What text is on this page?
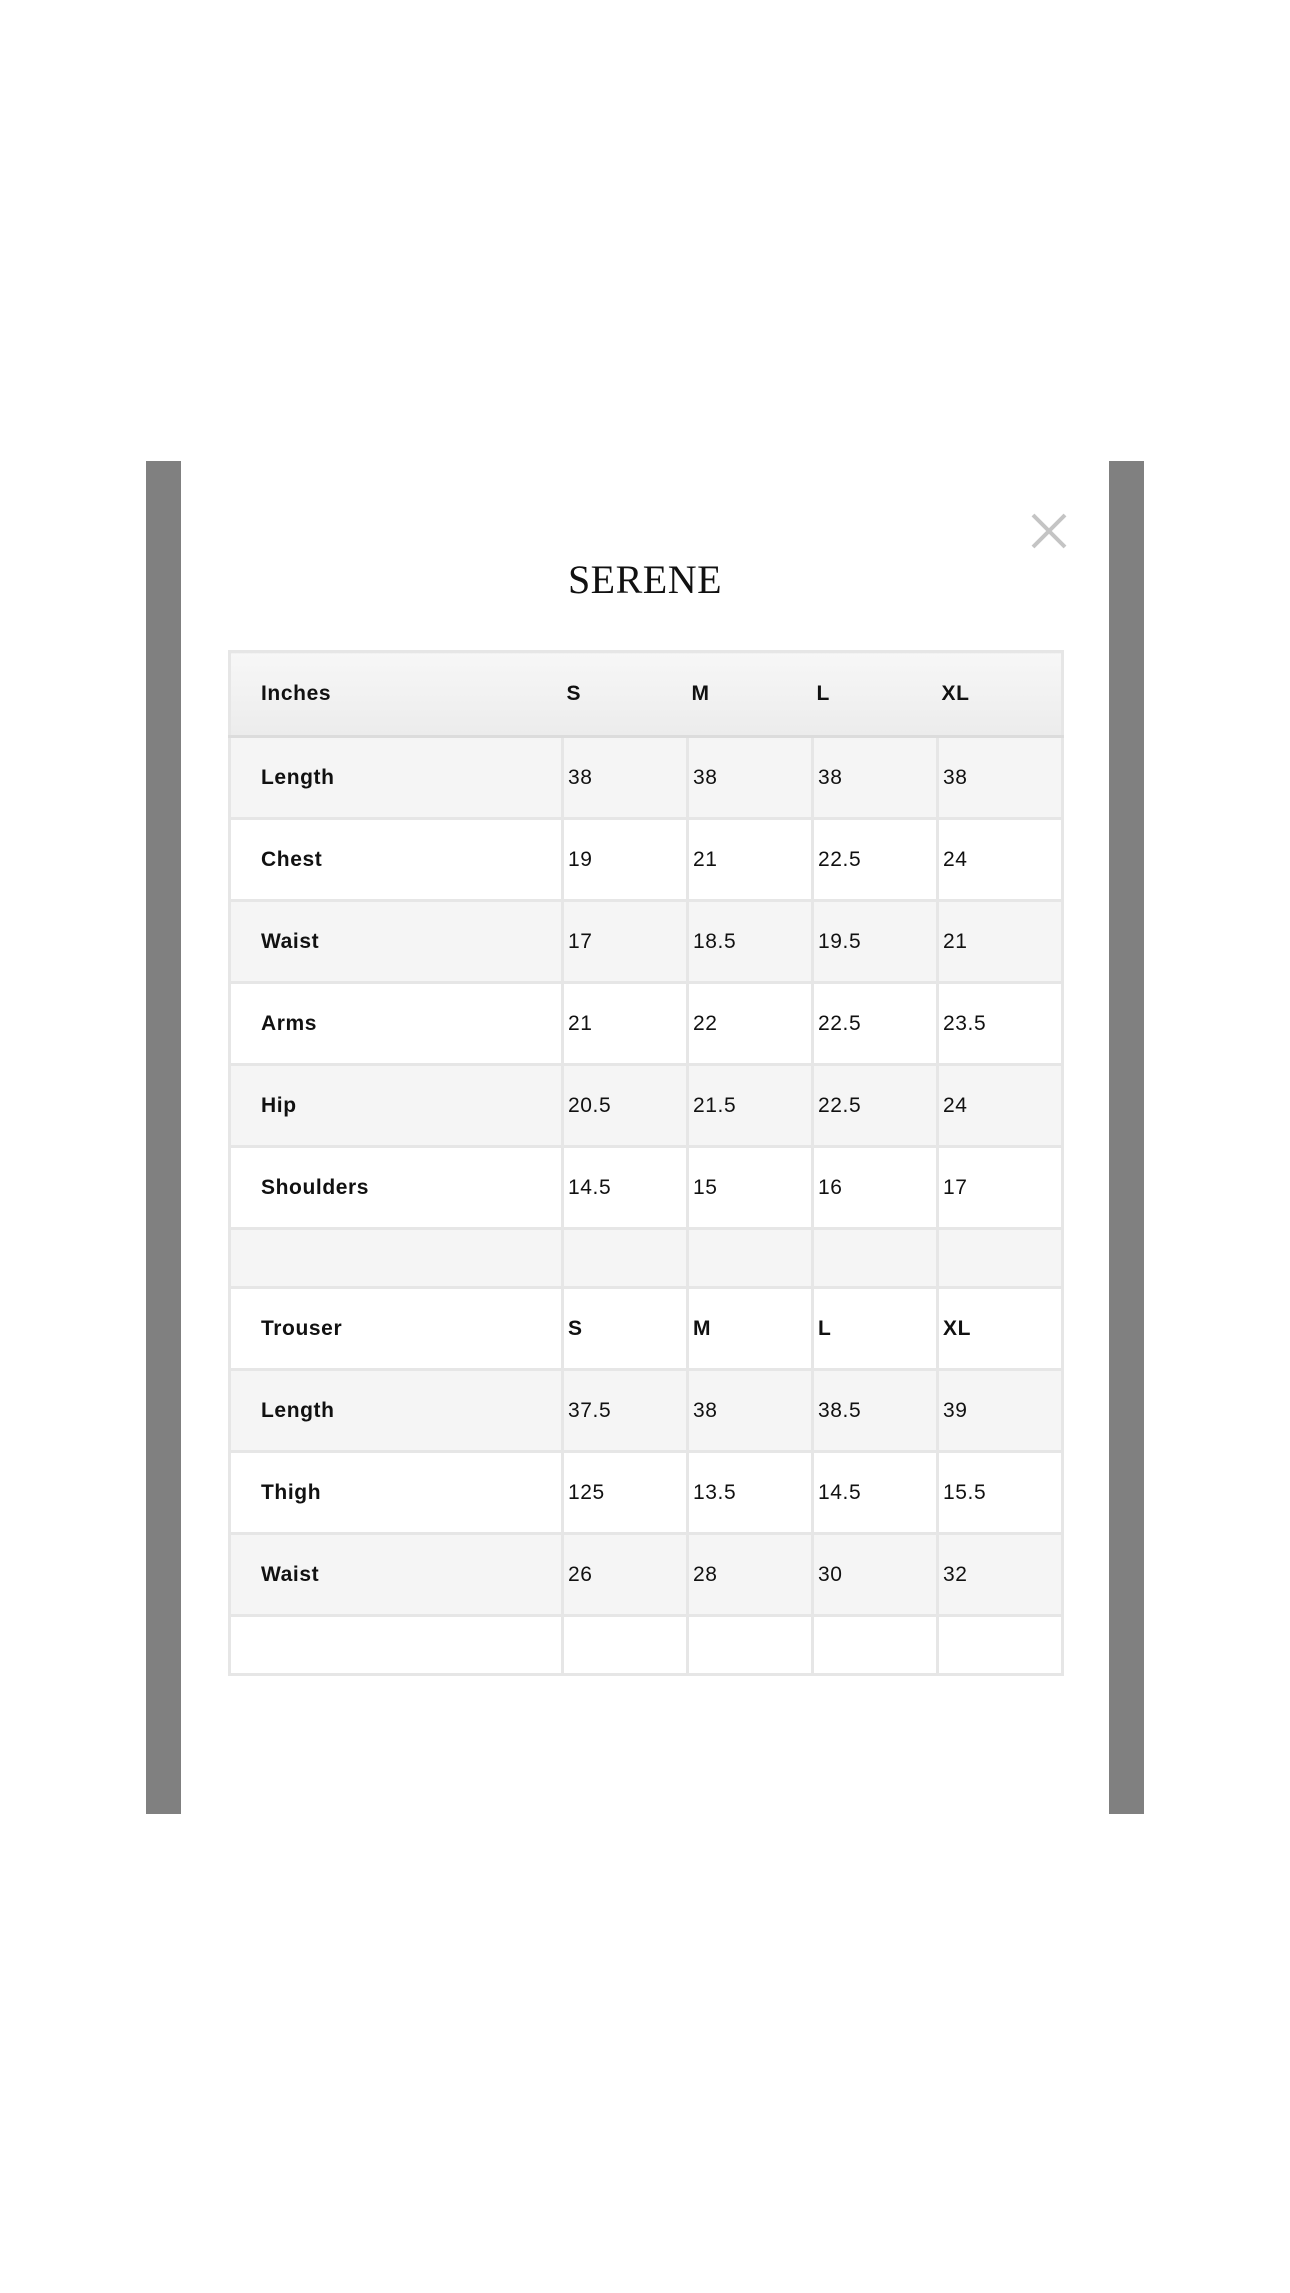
SERENE
Inches	S	M	L	XL
Length	38	38	38	38
Chest	19	21	22.5	24
Waist	17	18.5	19.5	21
Arms	21	22	22.5	23.5
Hip	20.5	21.5	22.5	24
Shoulders	14.5	15	16	17

Trouser	S	M	L	XL
Length	37.5	38	38.5	39
Thigh	125	13.5	14.5	15.5
Waist	26	28	30	32
